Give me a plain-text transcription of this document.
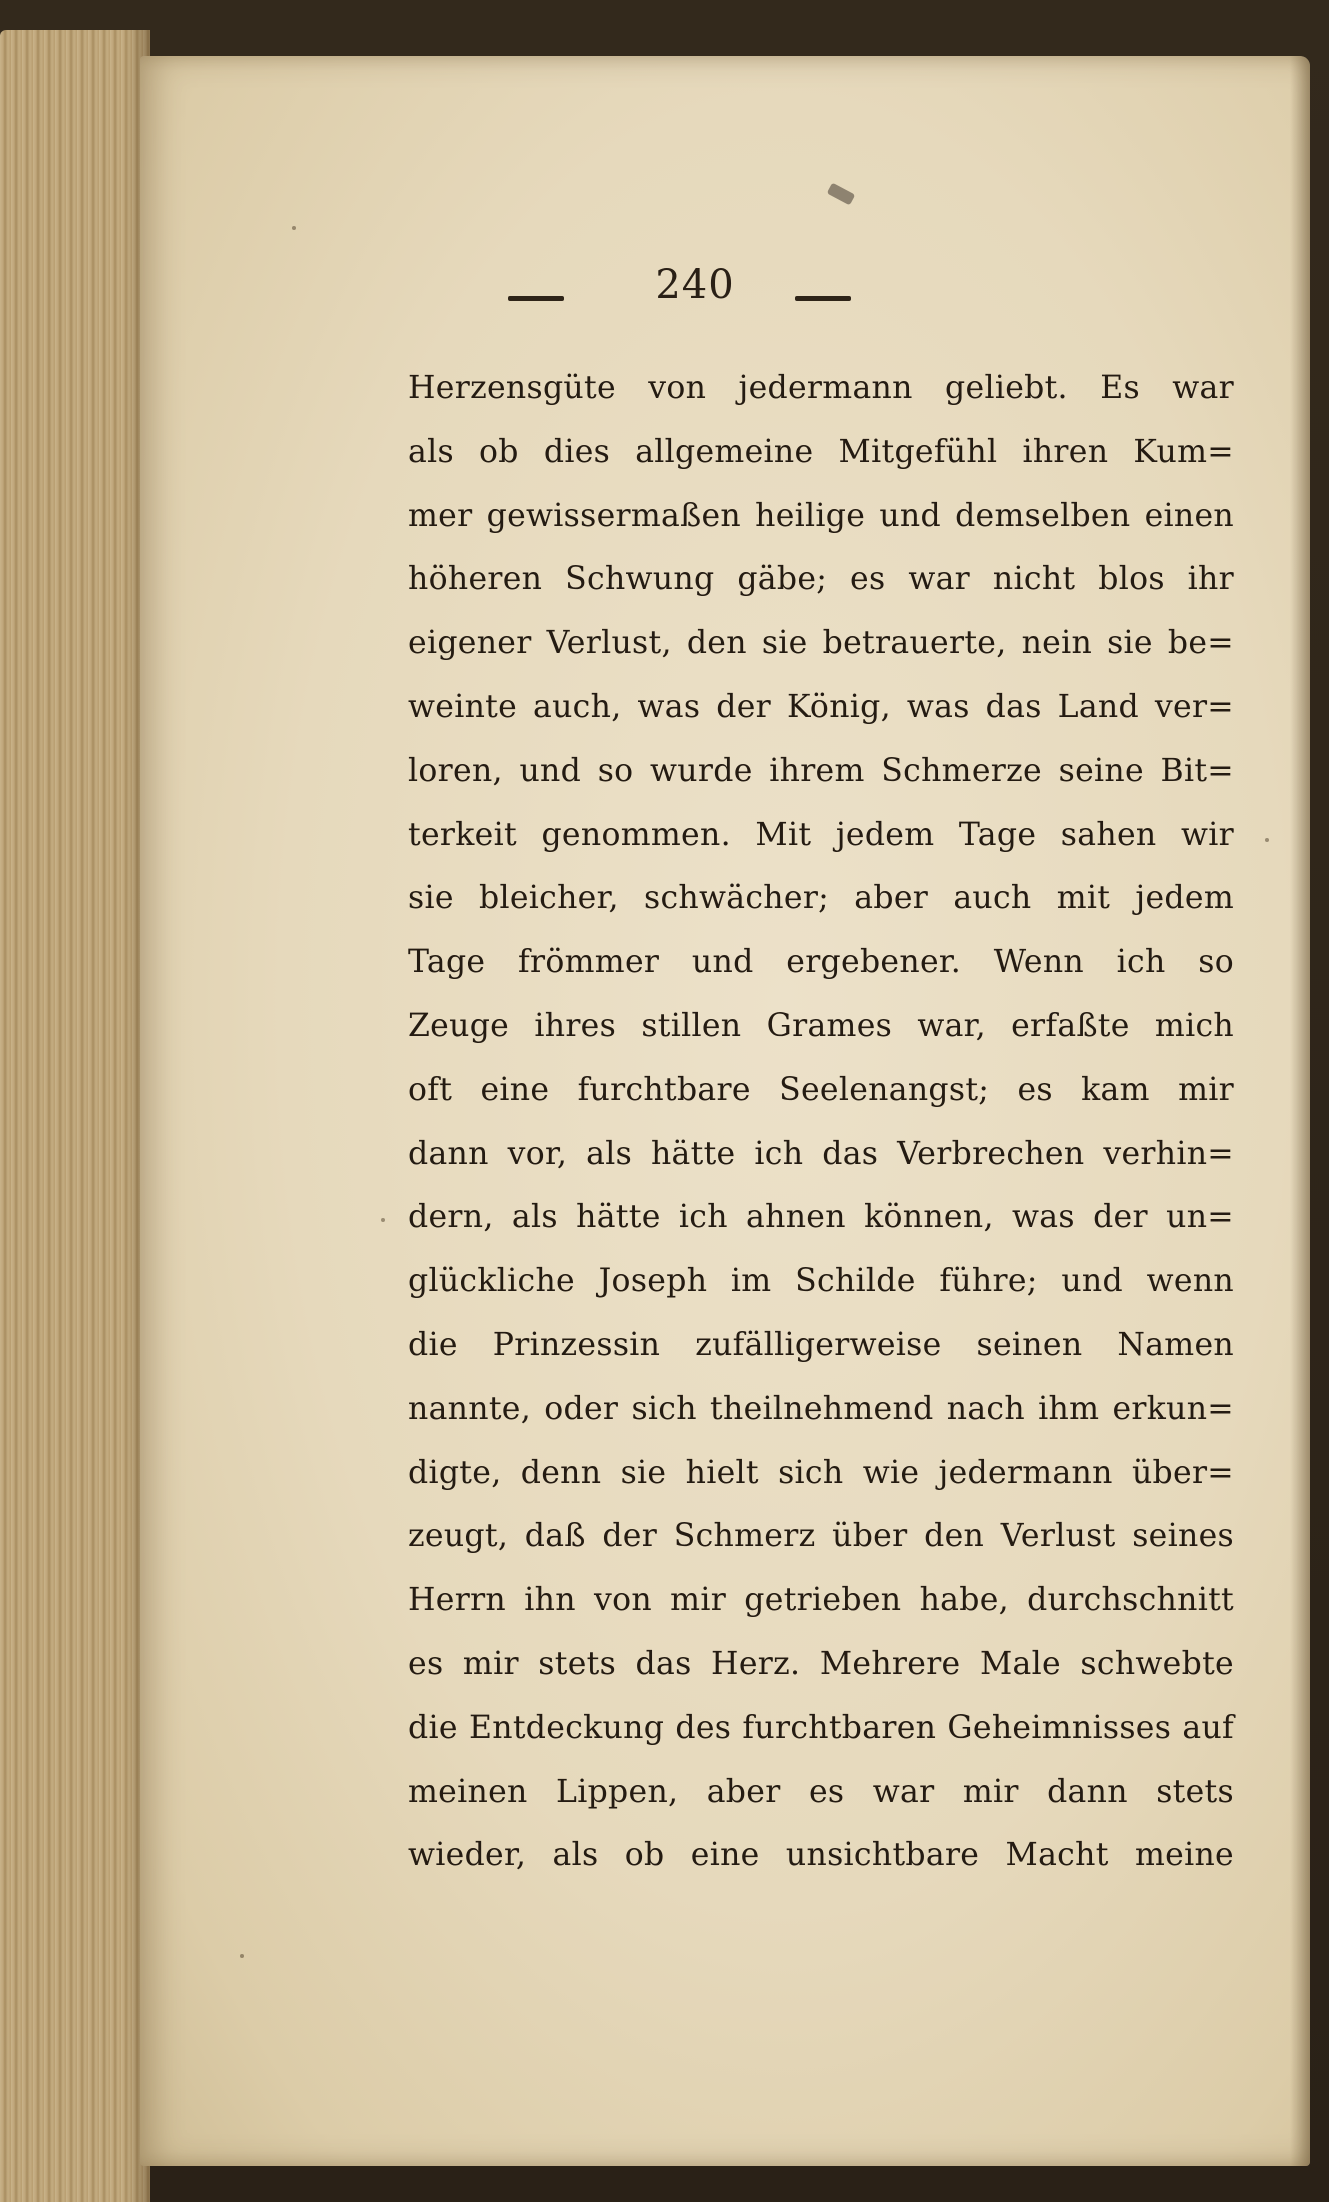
240
Herzensgüte von jedermann geliebt. Es war
als ob dies allgemeine Mitgefühl ihren Kum=
mer gewissermaßen heilige und demselben einen
höheren Schwung gäbe; es war nicht blos ihr
eigener Verlust, den sie betrauerte, nein sie be=
weinte auch, was der König, was das Land ver=
loren, und so wurde ihrem Schmerze seine Bit=
terkeit genommen. Mit jedem Tage sahen wir
sie bleicher, schwächer; aber auch mit jedem
Tage frömmer und ergebener. Wenn ich so
Zeuge ihres stillen Grames war, erfaßte mich
oft eine furchtbare Seelenangst; es kam mir
dann vor, als hätte ich das Verbrechen verhin=
dern, als hätte ich ahnen können, was der un=
glückliche Joseph im Schilde führe; und wenn
die Prinzessin zufälligerweise seinen Namen
nannte, oder sich theilnehmend nach ihm erkun=
digte, denn sie hielt sich wie jedermann über=
zeugt, daß der Schmerz über den Verlust seines
Herrn ihn von mir getrieben habe, durchschnitt
es mir stets das Herz. Mehrere Male schwebte
die Entdeckung des furchtbaren Geheimnisses auf
meinen Lippen, aber es war mir dann stets
wieder, als ob eine unsichtbare Macht meine
